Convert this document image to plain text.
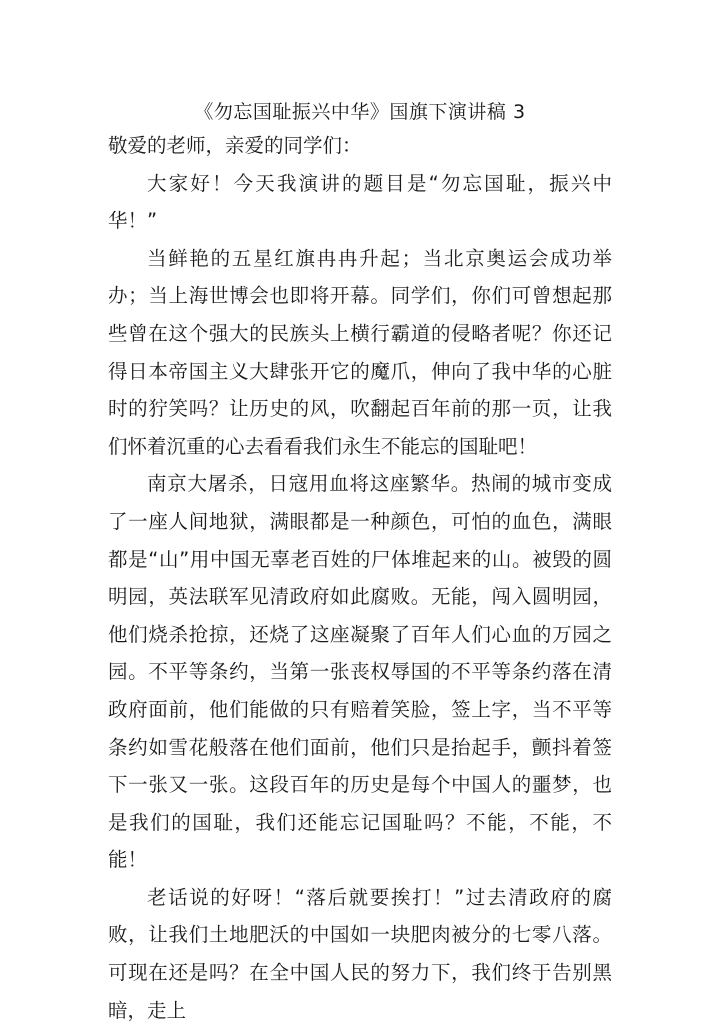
《勿忘国耻振兴中华》国旗下演讲稿 3

敬爱的老师，亲爱的同学们：

大家好！今天我演讲的题目是“勿忘国耻，振兴中华！”

当鲜艳的五星红旗冉冉升起；当北京奥运会成功举办；当上海世博会也即将开幕。同学们，你们可曾想起那些曾在这个强大的民族头上横行霸道的侵略者呢？你还记得日本帝国主义大肆张开它的魔爪，伸向了我中华的心脏时的狞笑吗？让历史的风，吹翻起百年前的那一页，让我们怀着沉重的心去看看我们永生不能忘的国耻吧！

南京大屠杀，日寇用血将这座繁华。热闹的城市变成了一座人间地狱，满眼都是一种颜色，可怕的血色，满眼都是“山”用中国无辜老百姓的尸体堆起来的山。被毁的圆明园，英法联军见清政府如此腐败。无能，闯入圆明园，他们烧杀抢掠，还烧了这座凝聚了百年人们心血的万园之园。不平等条约，当第一张丧权辱国的不平等条约落在清政府面前，他们能做的只有赔着笑脸，签上字，当不平等条约如雪花般落在他们面前，他们只是抬起手，颤抖着签下一张又一张。这段百年的历史是每个中国人的噩梦，也是我们的国耻，我们还能忘记国耻吗？不能，不能，不能！

老话说的好呀！“落后就要挨打！”过去清政府的腐败，让我们土地肥沃的中国如一块肥肉被分的七零八落。可现在还是吗？在全中国人民的努力下，我们终于告别黑暗，走上
